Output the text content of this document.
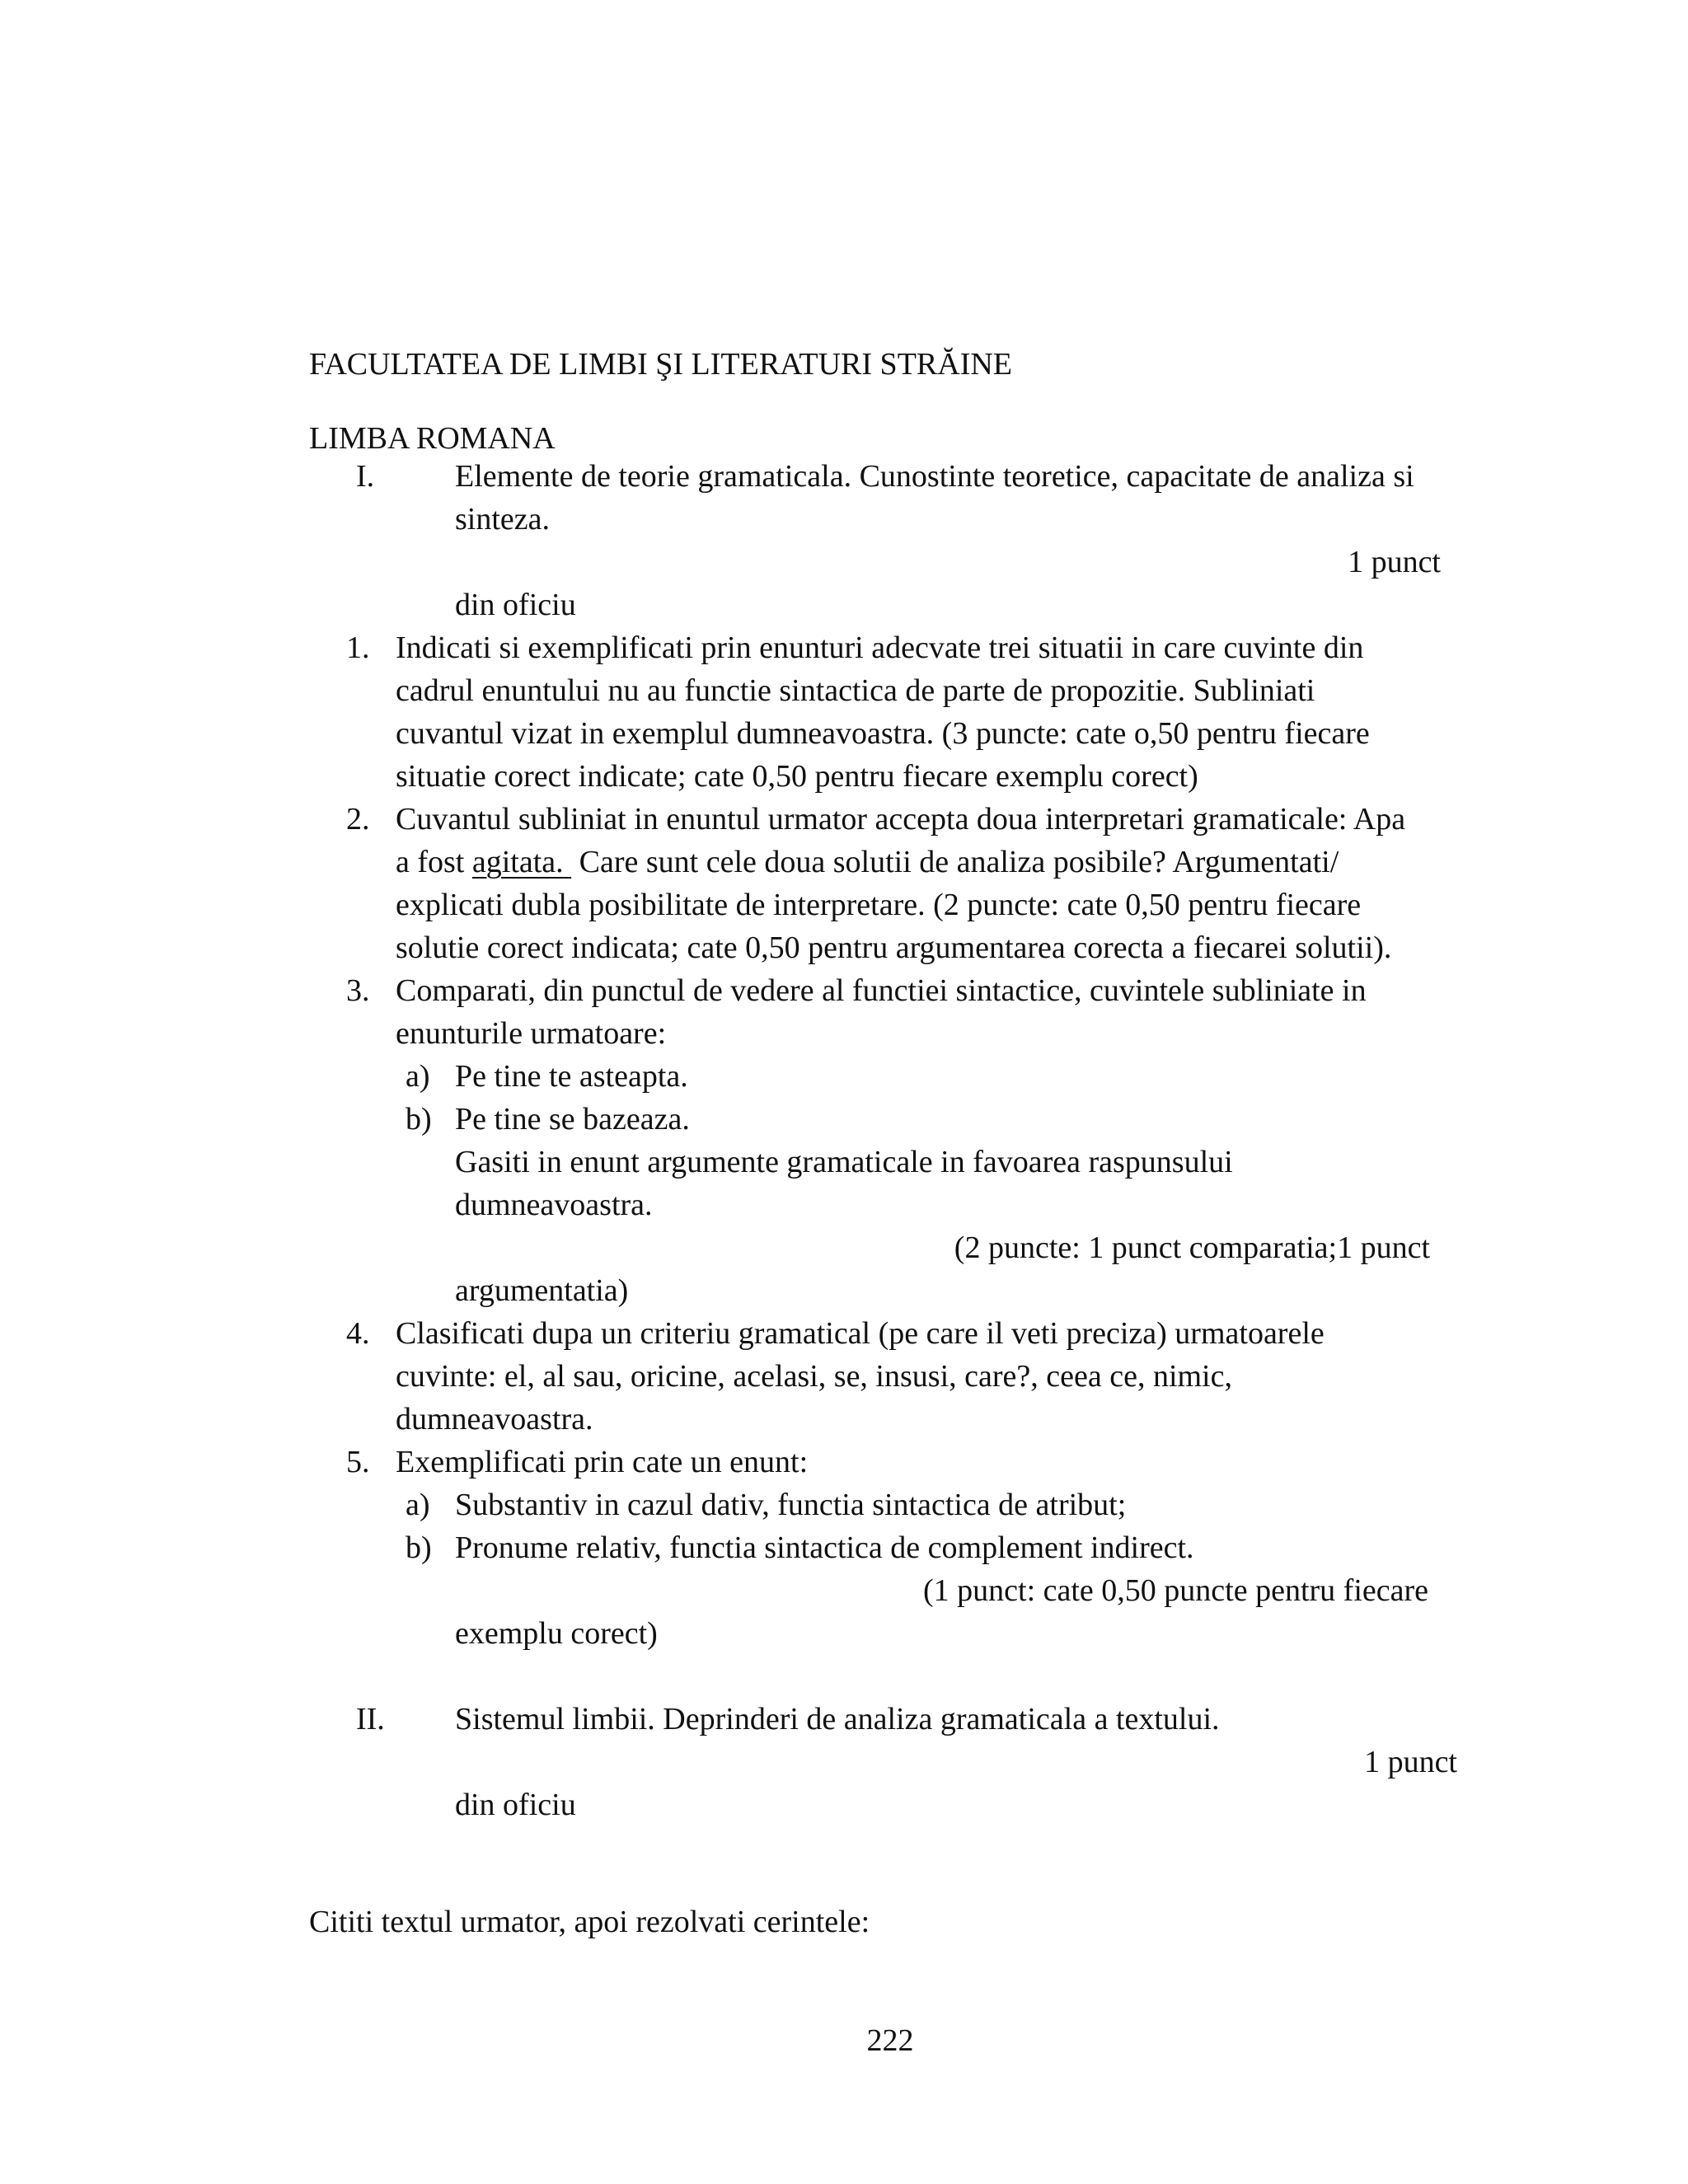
FACULTATEA DE LIMBI ŞI LITERATURI STRĂINE
LIMBA ROMANA
I.	Elemente de teorie gramaticala. Cunostinte teoretice, capacitate de analiza si
sinteza.
1 punct
din oficiu
1. Indicati si exemplificati prin enunturi adecvate trei situatii in care cuvinte din
cadrul enuntului nu au functie sintactica de parte de propozitie. Subliniati
cuvantul vizat in exemplul dumneavoastra. (3 puncte: cate o,50 pentru fiecare
situatie corect indicate; cate 0,50 pentru fiecare exemplu corect)
2. Cuvantul subliniat in enuntul urmator accepta doua interpretari gramaticale: Apa
a fost agitata.  Care sunt cele doua solutii de analiza posibile? Argumentati/
explicati dubla posibilitate de interpretare. (2 puncte: cate 0,50 pentru fiecare
solutie corect indicata; cate 0,50 pentru argumentarea corecta a fiecarei solutii).
3. Comparati, din punctul de vedere al functiei sintactice, cuvintele subliniate in
enunturile urmatoare:
a) Pe tine te asteapta.
b) Pe tine se bazeaza.
Gasiti in enunt argumente gramaticale in favoarea raspunsului
dumneavoastra.
(2 puncte: 1 punct comparatia;1 punct
argumentatia)
4. Clasificati dupa un criteriu gramatical (pe care il veti preciza) urmatoarele
cuvinte: el, al sau, oricine, acelasi, se, insusi, care?, ceea ce, nimic,
dumneavoastra.
5. Exemplificati prin cate un enunt:
a) Substantiv in cazul dativ, functia sintactica de atribut;
b) Pronume relativ, functia sintactica de complement indirect.
(1 punct: cate 0,50 puncte pentru fiecare
exemplu corect)
II. Sistemul limbii. Deprinderi de analiza gramaticala a textului.
1 punct
din oficiu
Cititi textul urmator, apoi rezolvati cerintele:
222
